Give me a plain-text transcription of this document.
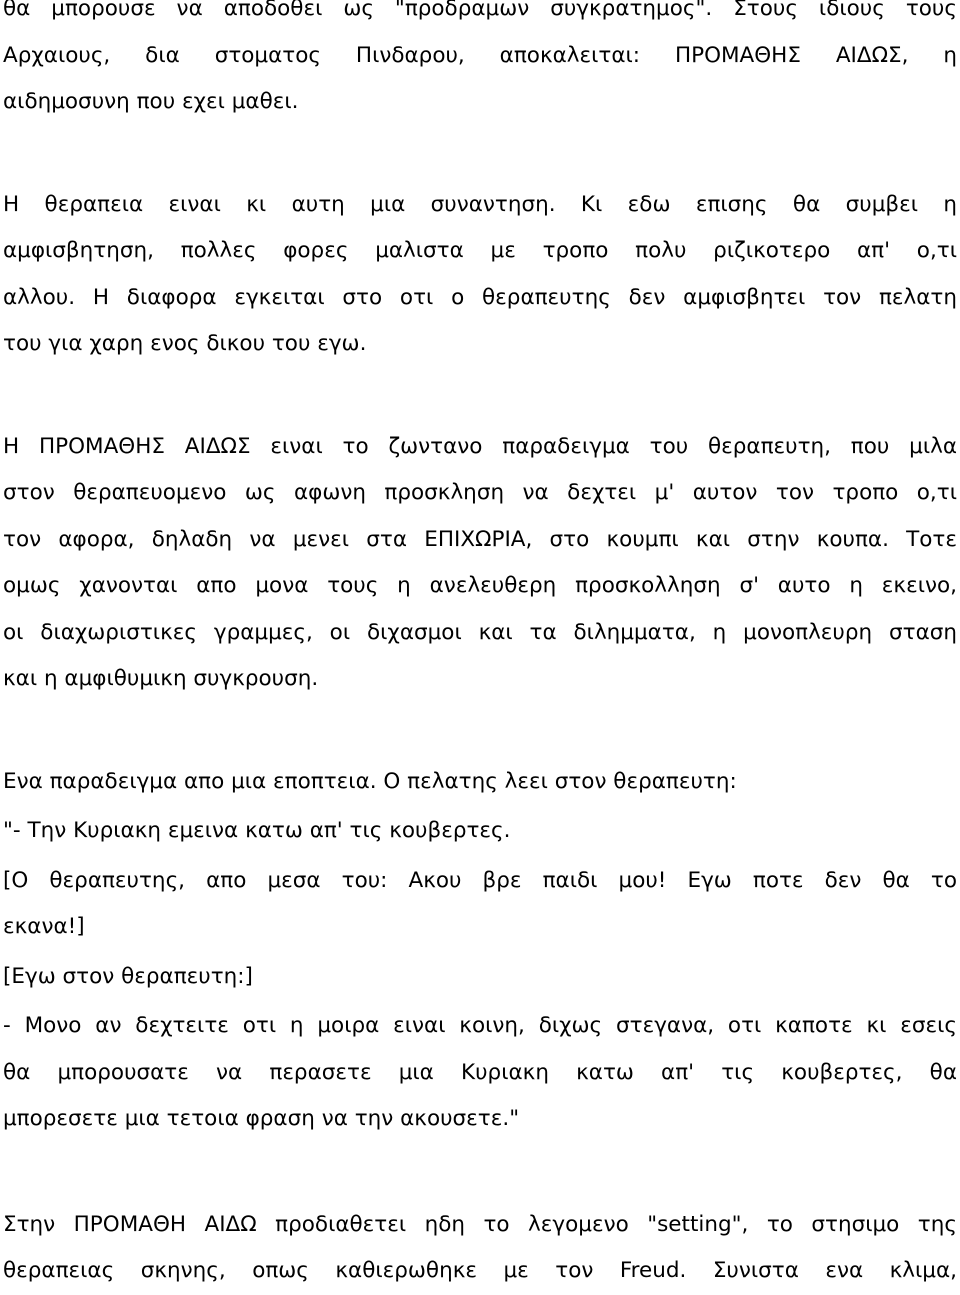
θα μπορουσε να αποδοθει ως "προδραμων συγκρατημος". Στους ιδιους τους
Αρχαιους, δια στοματος Πινδαρου, αποκαλειται: ΠΡΟΜΑΘΗΣ ΑΙΔΩΣ, η
αιδημοσυνη που εχει μαθει.

Η θεραπεια ειναι κι αυτη μια συναντηση. Κι εδω επισης θα συμβει η
αμφισβητηση, πολλες φορες μαλιστα με τροπο πολυ ριζικοτερο απ' ο,τι
αλλου. Η διαφορα εγκειται στο οτι ο θεραπευτης δεν αμφισβητει τον πελατη
του για χαρη ενος δικου του εγω.

Η ΠΡΟΜΑΘΗΣ ΑΙΔΩΣ ειναι το ζωντανο παραδειγμα του θεραπευτη, που μιλα
στον θεραπευομενο ως αφωνη προσκληση να δεχτει μ' αυτον τον τροπο ο,τι
τον αφορα, δηλαδη να μενει στα ΕΠΙΧΩΡΙΑ, στο κουμπι και στην κουπα. Τοτε
ομως χανονται απο μονα τους η ανελευθερη προσκολληση σ' αυτο η εκεινο,
οι διαχωριστικες γραμμες, οι διχασμοι και τα διλημματα, η μονοπλευρη σταση
και η αμφιθυμικη συγκρουση.

Ενα παραδειγμα απο μια εποπτεια. Ο πελατης λεει στον θεραπευτη:
"- Την Κυριακη εμεινα κατω απ' τις κουβερτες.
[Ο θεραπευτης, απο μεσα του: Ακου βρε παιδι μου! Εγω ποτε δεν θα το
εκανα!]
[Εγω στον θεραπευτη:]
- Μονο αν δεχτειτε οτι η μοιρα ειναι κοινη, διχως στεγανα, οτι καποτε κι εσεις
θα μπορουσατε να περασετε μια Κυριακη κατω απ' τις κουβερτες, θα
μπορεσετε μια τετοια φραση να την ακουσετε."

Στην ΠΡΟΜΑΘΗ ΑΙΔΩ προδιαθετει ηδη το λεγομενο "setting", το στησιμο της
θεραπειας σκηνης, οπως καθιερωθηκε με τον Freud. Συνιστα ενα κλιμα,
